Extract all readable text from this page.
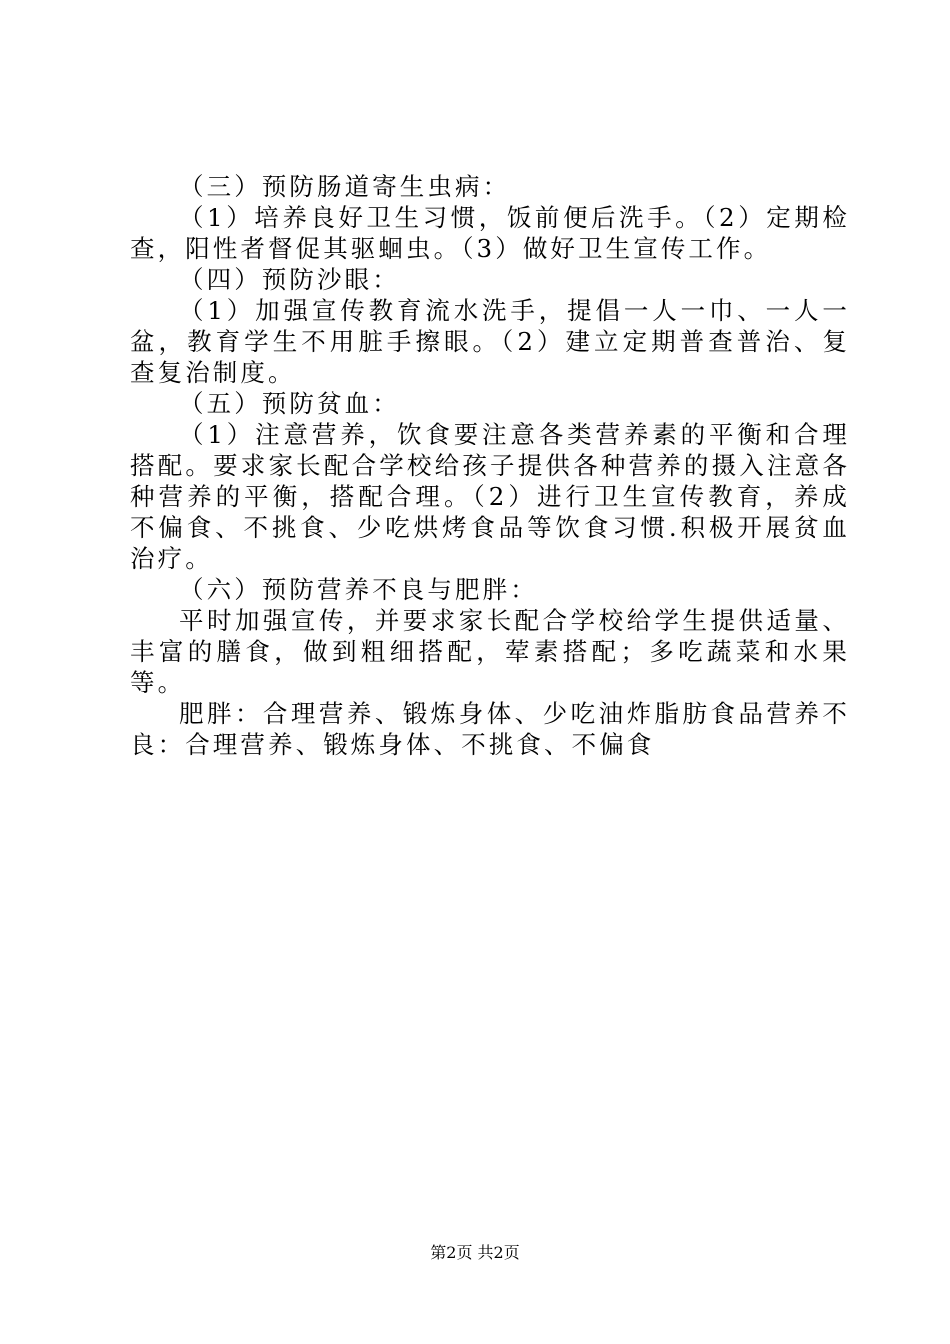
（三）预防肠道寄生虫病：

（1）培养良好卫生习惯，饭前便后洗手。（2）定期检查，阳性者督促其驱蛔虫。（3）做好卫生宣传工作。

（四）预防沙眼：

（1）加强宣传教育流水洗手，提倡一人一巾、一人一盆，教育学生不用脏手擦眼。（2）建立定期普查普治、复查复治制度。

（五）预防贫血：

（1）注意营养，饮食要注意各类营养素的平衡和合理搭配。要求家长配合学校给孩子提供各种营养的摄入注意各种营养的平衡，搭配合理。（2）进行卫生宣传教育，养成不偏食、不挑食、少吃烘烤食品等饮食习惯.积极开展贫血治疗。

（六）预防营养不良与肥胖：

平时加强宣传，并要求家长配合学校给学生提供适量、丰富的膳食，做到粗细搭配，荤素搭配；多吃蔬菜和水果等。

肥胖：合理营养、锻炼身体、少吃油炸脂肪食品营养不良：合理营养、锻炼身体、不挑食、不偏食

第2页 共2页
